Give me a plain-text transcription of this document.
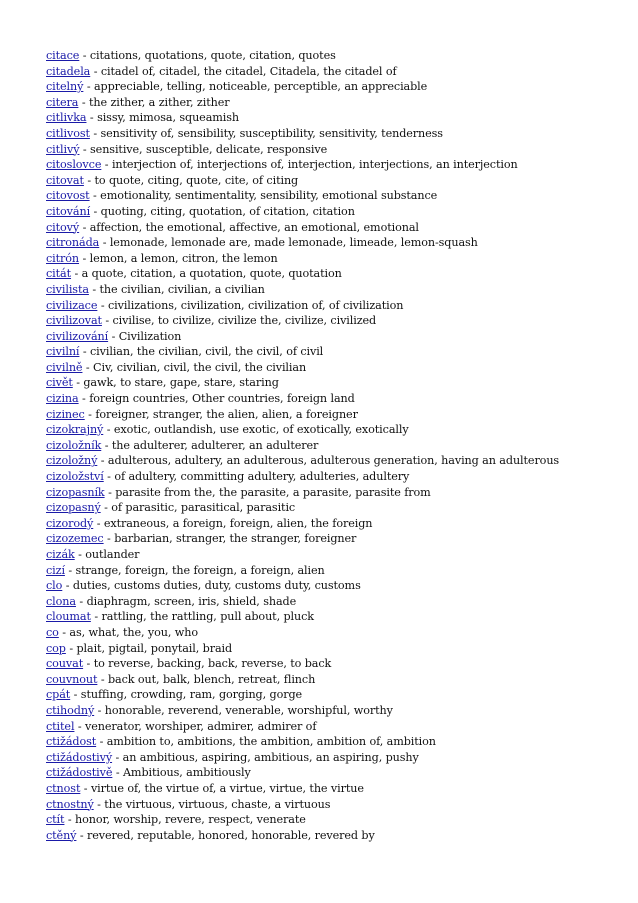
citace - citations, quotations, quote, citation, quotes
citadela - citadel of, citadel, the citadel, Citadela, the citadel of
citelný - appreciable, telling, noticeable, perceptible, an appreciable
citera - the zither, a zither, zither
citlivka - sissy, mimosa, squeamish
citlivost - sensitivity of, sensibility, susceptibility, sensitivity, tenderness
citlivý - sensitive, susceptible, delicate, responsive
citoslovce - interjection of, interjections of, interjection, interjections, an interjection
citovat - to quote, citing, quote, cite, of citing
citovost - emotionality, sentimentality, sensibility, emotional substance
citování - quoting, citing, quotation, of citation, citation
citový - affection, the emotional, affective, an emotional, emotional
citronáda - lemonade, lemonade are, made lemonade, limeade, lemon-squash
citrón - lemon, a lemon, citron, the lemon
citát - a quote, citation, a quotation, quote, quotation
civilista - the civilian, civilian, a civilian
civilizace - civilizations, civilization, civilization of, of civilization
civilizovat - civilise, to civilize, civilize the, civilize, civilized
civilizování - Civilization
civilní - civilian, the civilian, civil, the civil, of civil
civilně - Civ, civilian, civil, the civil, the civilian
civět - gawk, to stare, gape, stare, staring
cizina - foreign countries, Other countries, foreign land
cizinec - foreigner, stranger, the alien, alien, a foreigner
cizokrajný - exotic, outlandish, use exotic, of exotically, exotically
cizoložník - the adulterer, adulterer, an adulterer
cizoložný - adulterous, adultery, an adulterous, adulterous generation, having an adulterous
cizoložství - of adultery, committing adultery, adulteries, adultery
cizopasník - parasite from the, the parasite, a parasite, parasite from
cizopasný - of parasitic, parasitical, parasitic
cizorodý - extraneous, a foreign, foreign, alien, the foreign
cizozemec - barbarian, stranger, the stranger, foreigner
cizák - outlander
cizí - strange, foreign, the foreign, a foreign, alien
clo - duties, customs duties, duty, customs duty, customs
clona - diaphragm, screen, iris, shield, shade
cloumat - rattling, the rattling, pull about, pluck
co - as, what, the, you, who
cop - plait, pigtail, ponytail, braid
couvat - to reverse, backing, back, reverse, to back
couvnout - back out, balk, blench, retreat, flinch
cpát - stuffing, crowding, ram, gorging, gorge
ctihodný - honorable, reverend, venerable, worshipful, worthy
ctitel - venerator, worshiper, admirer, admirer of
ctižádost - ambition to, ambitions, the ambition, ambition of, ambition
ctižádostivý - an ambitious, aspiring, ambitious, an aspiring, pushy
ctižádostivě - Ambitious, ambitiously
ctnost - virtue of, the virtue of, a virtue, virtue, the virtue
ctnostný - the virtuous, virtuous, chaste, a virtuous
ctít - honor, worship, revere, respect, venerate
ctěný - revered, reputable, honored, honorable, revered by
